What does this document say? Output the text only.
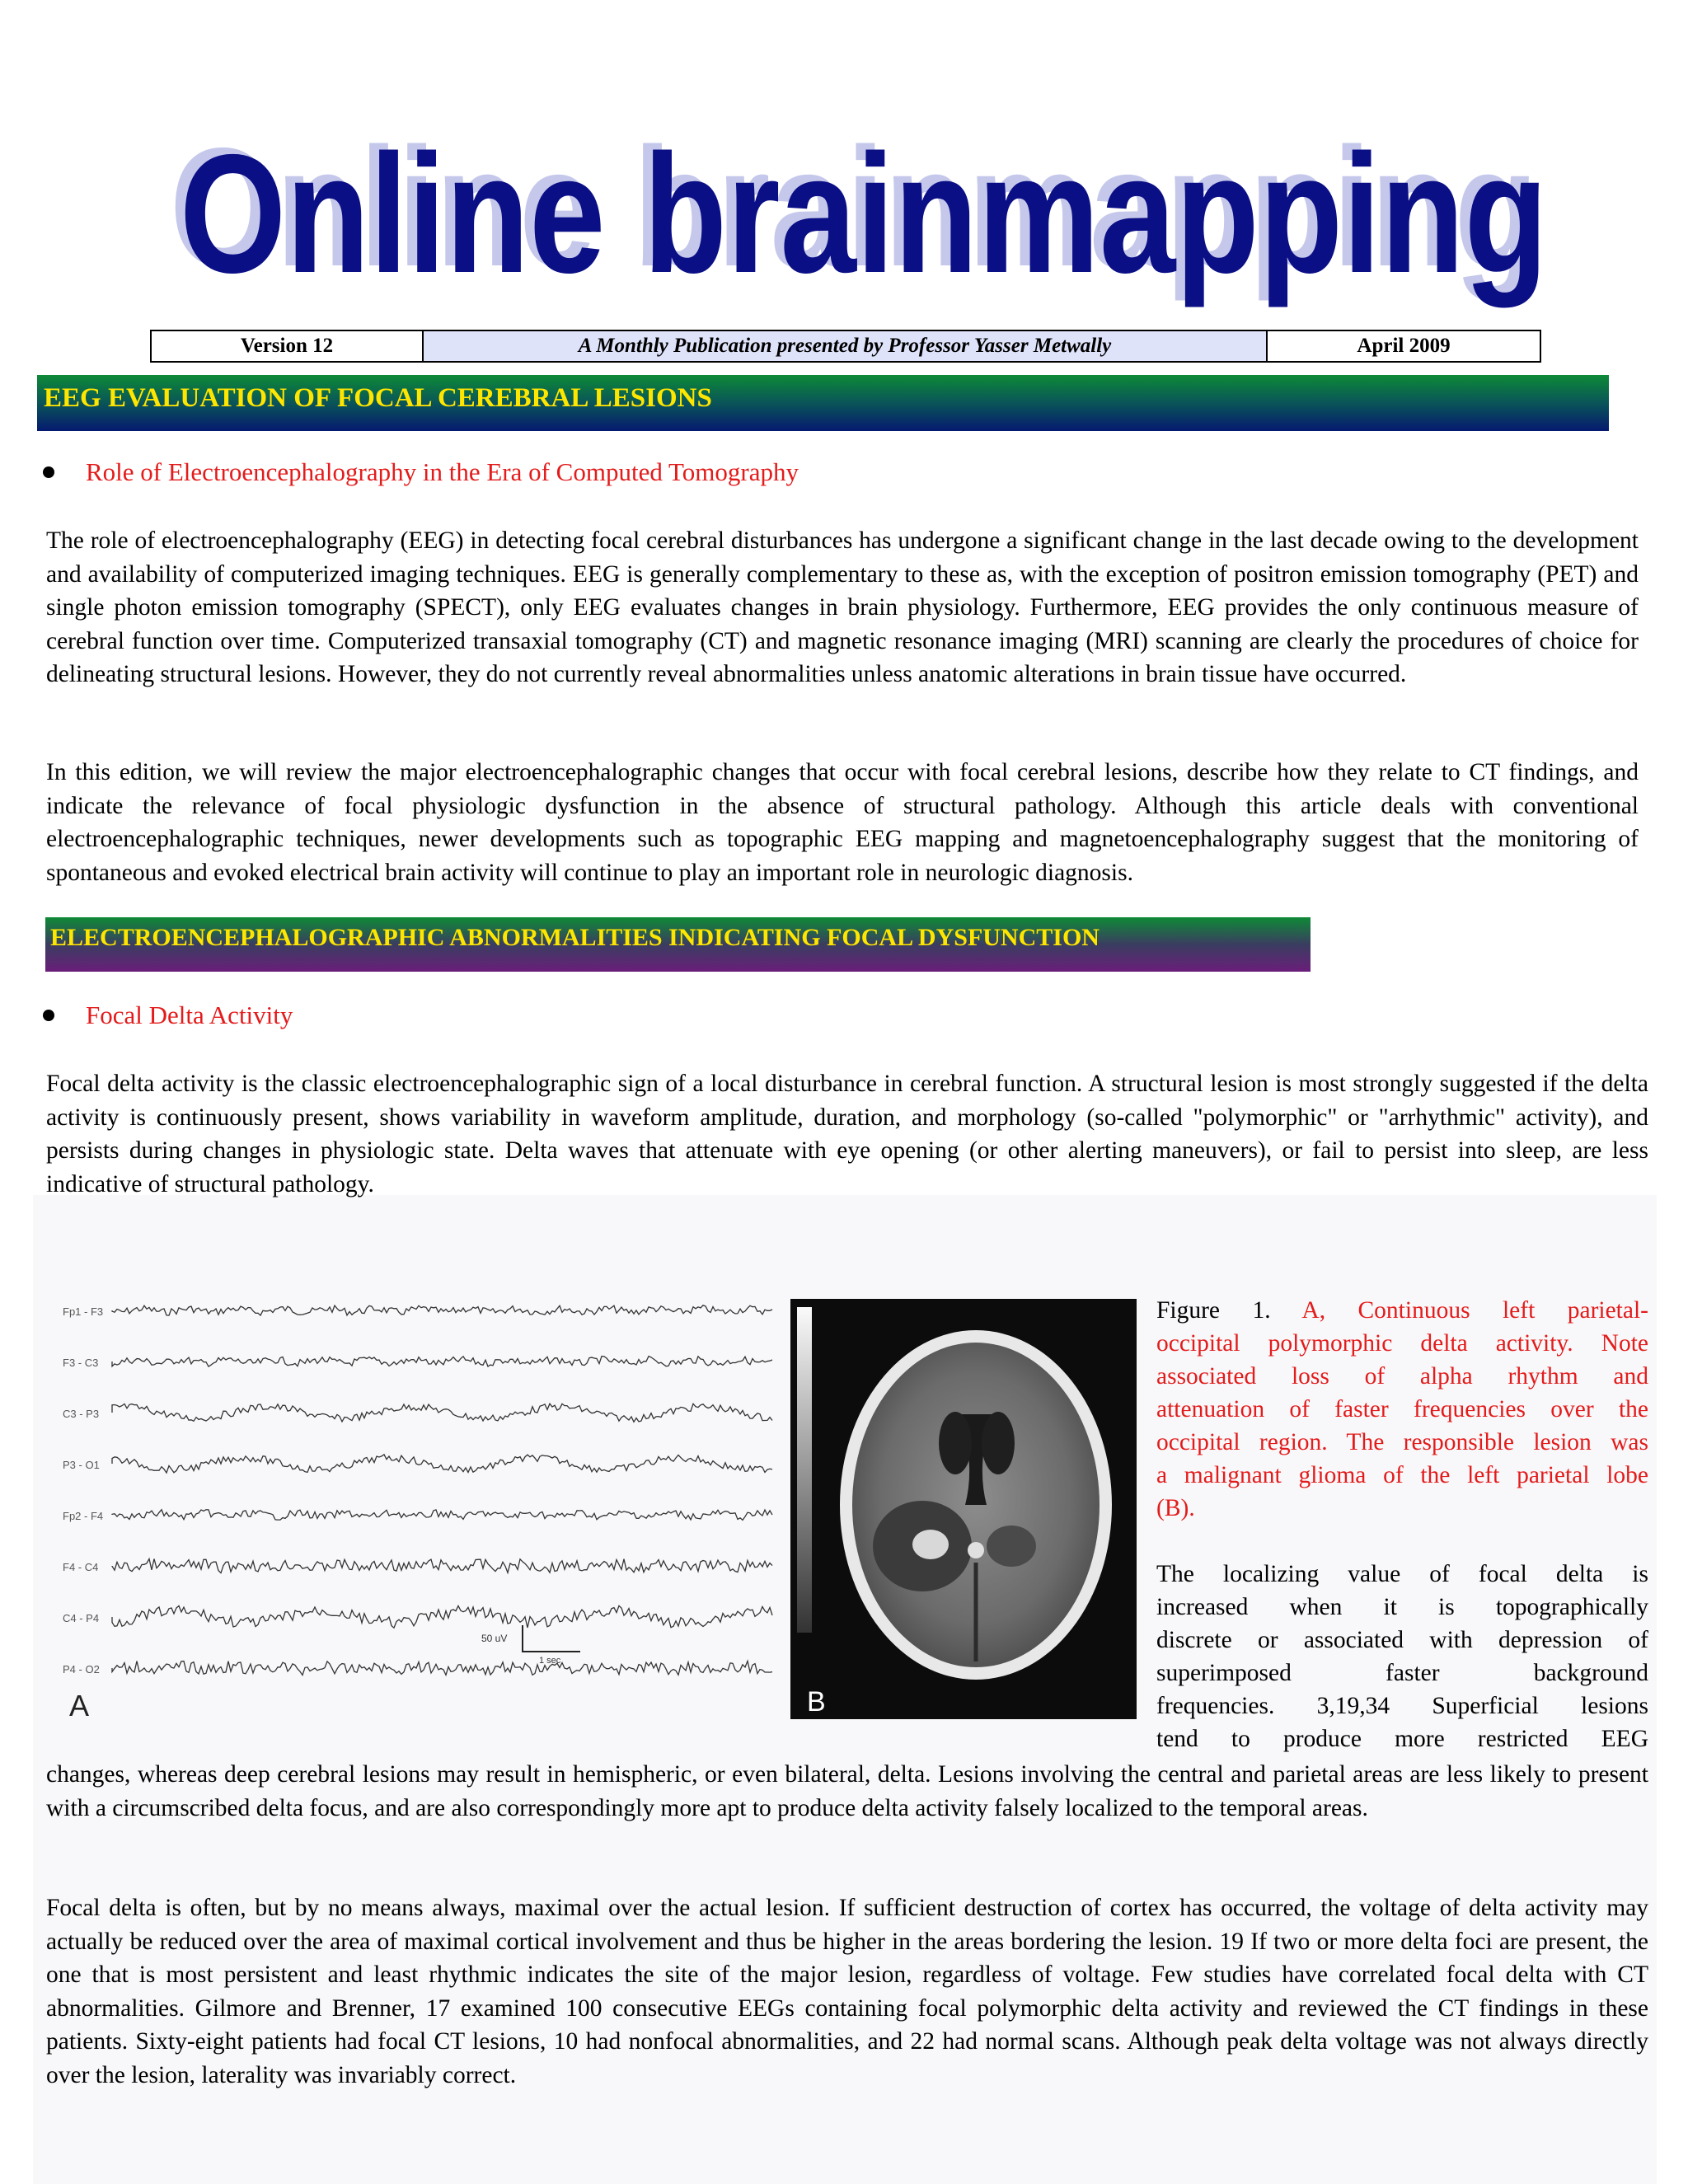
Online brainmapping
Online brainmapping
Version 12	A Monthly Publication presented by Professor Yasser Metwally	April 2009
EEG EVALUATION OF FOCAL CEREBRAL LESIONS
Role of Electroencephalography in the Era of Computed Tomography
The role of electroencephalography (EEG) in detecting focal cerebral disturbances has undergone a significant change in the last decade owing to the development and availability of computerized imaging techniques. EEG is generally complementary to these as, with the exception of positron emission tomography (PET) and single photon emission tomography (SPECT), only EEG evaluates changes in brain physiology. Furthermore, EEG provides the only continuous measure of cerebral function over time. Computerized transaxial tomography (CT) and magnetic resonance imaging (MRI) scanning are clearly the procedures of choice for delineating structural lesions. However, they do not currently reveal abnormalities unless anatomic alterations in brain tissue have occurred.
In this edition, we will review the major electroencephalographic changes that occur with focal cerebral lesions, describe how they relate to CT findings, and indicate the relevance of focal physiologic dysfunction in the absence of structural pathology. Although this article deals with conventional electroencephalographic techniques, newer developments such as topographic EEG mapping and magnetoencephalography suggest that the monitoring of spontaneous and evoked electrical brain activity will continue to play an important role in neurologic diagnosis.
ELECTROENCEPHALOGRAPHIC ABNORMALITIES INDICATING FOCAL DYSFUNCTION
Focal Delta Activity
Focal delta activity is the classic electroencephalographic sign of a local disturbance in cerebral function. A structural lesion is most strongly suggested if the delta activity is continuously present, shows variability in waveform amplitude, duration, and morphology (so-called "polymorphic" or "arrhythmic" activity), and persists during changes in physiologic state. Delta waves that attenuate with eye opening (or other alerting maneuvers), or fail to persist into sleep, are less indicative of structural pathology.
Fp1 - F3
F3 - C3
C3 - P3
P3 - O1
Fp2 - F4
F4 - C4
C4 - P4
P4 - O2
50 uV
1 sec
A	B
Figure 1. A, Continuous left parietal-
occipital polymorphic delta activity. Note
associated loss of alpha rhythm and
attenuation of faster frequencies over the
occipital region. The responsible lesion was
a malignant glioma of the left parietal lobe
(B).
The localizing value of focal delta is
increased when it is topographically
discrete or associated with depression of
superimposed faster background
frequencies. 3,19,34 Superficial lesions
tend to produce more restricted EEG
changes, whereas deep cerebral lesions may result in hemispheric, or even bilateral, delta. Lesions involving the central and parietal areas are less likely to present with a circumscribed delta focus, and are also correspondingly more apt to produce delta activity falsely localized to the temporal areas.
Focal delta is often, but by no means always, maximal over the actual lesion. If sufficient destruction of cortex has occurred, the voltage of delta activity may actually be reduced over the area of maximal cortical involvement and thus be higher in the areas bordering the lesion. 19 If two or more delta foci are present, the one that is most persistent and least rhythmic indicates the site of the major lesion, regardless of voltage. Few studies have correlated focal delta with CT abnormalities. Gilmore and Brenner, 17 examined 100 consecutive EEGs containing focal polymorphic delta activity and reviewed the CT findings in these patients. Sixty-eight patients had focal CT lesions, 10 had nonfocal abnormalities, and 22 had normal scans. Although peak delta voltage was not always directly over the lesion, laterality was invariably correct.
